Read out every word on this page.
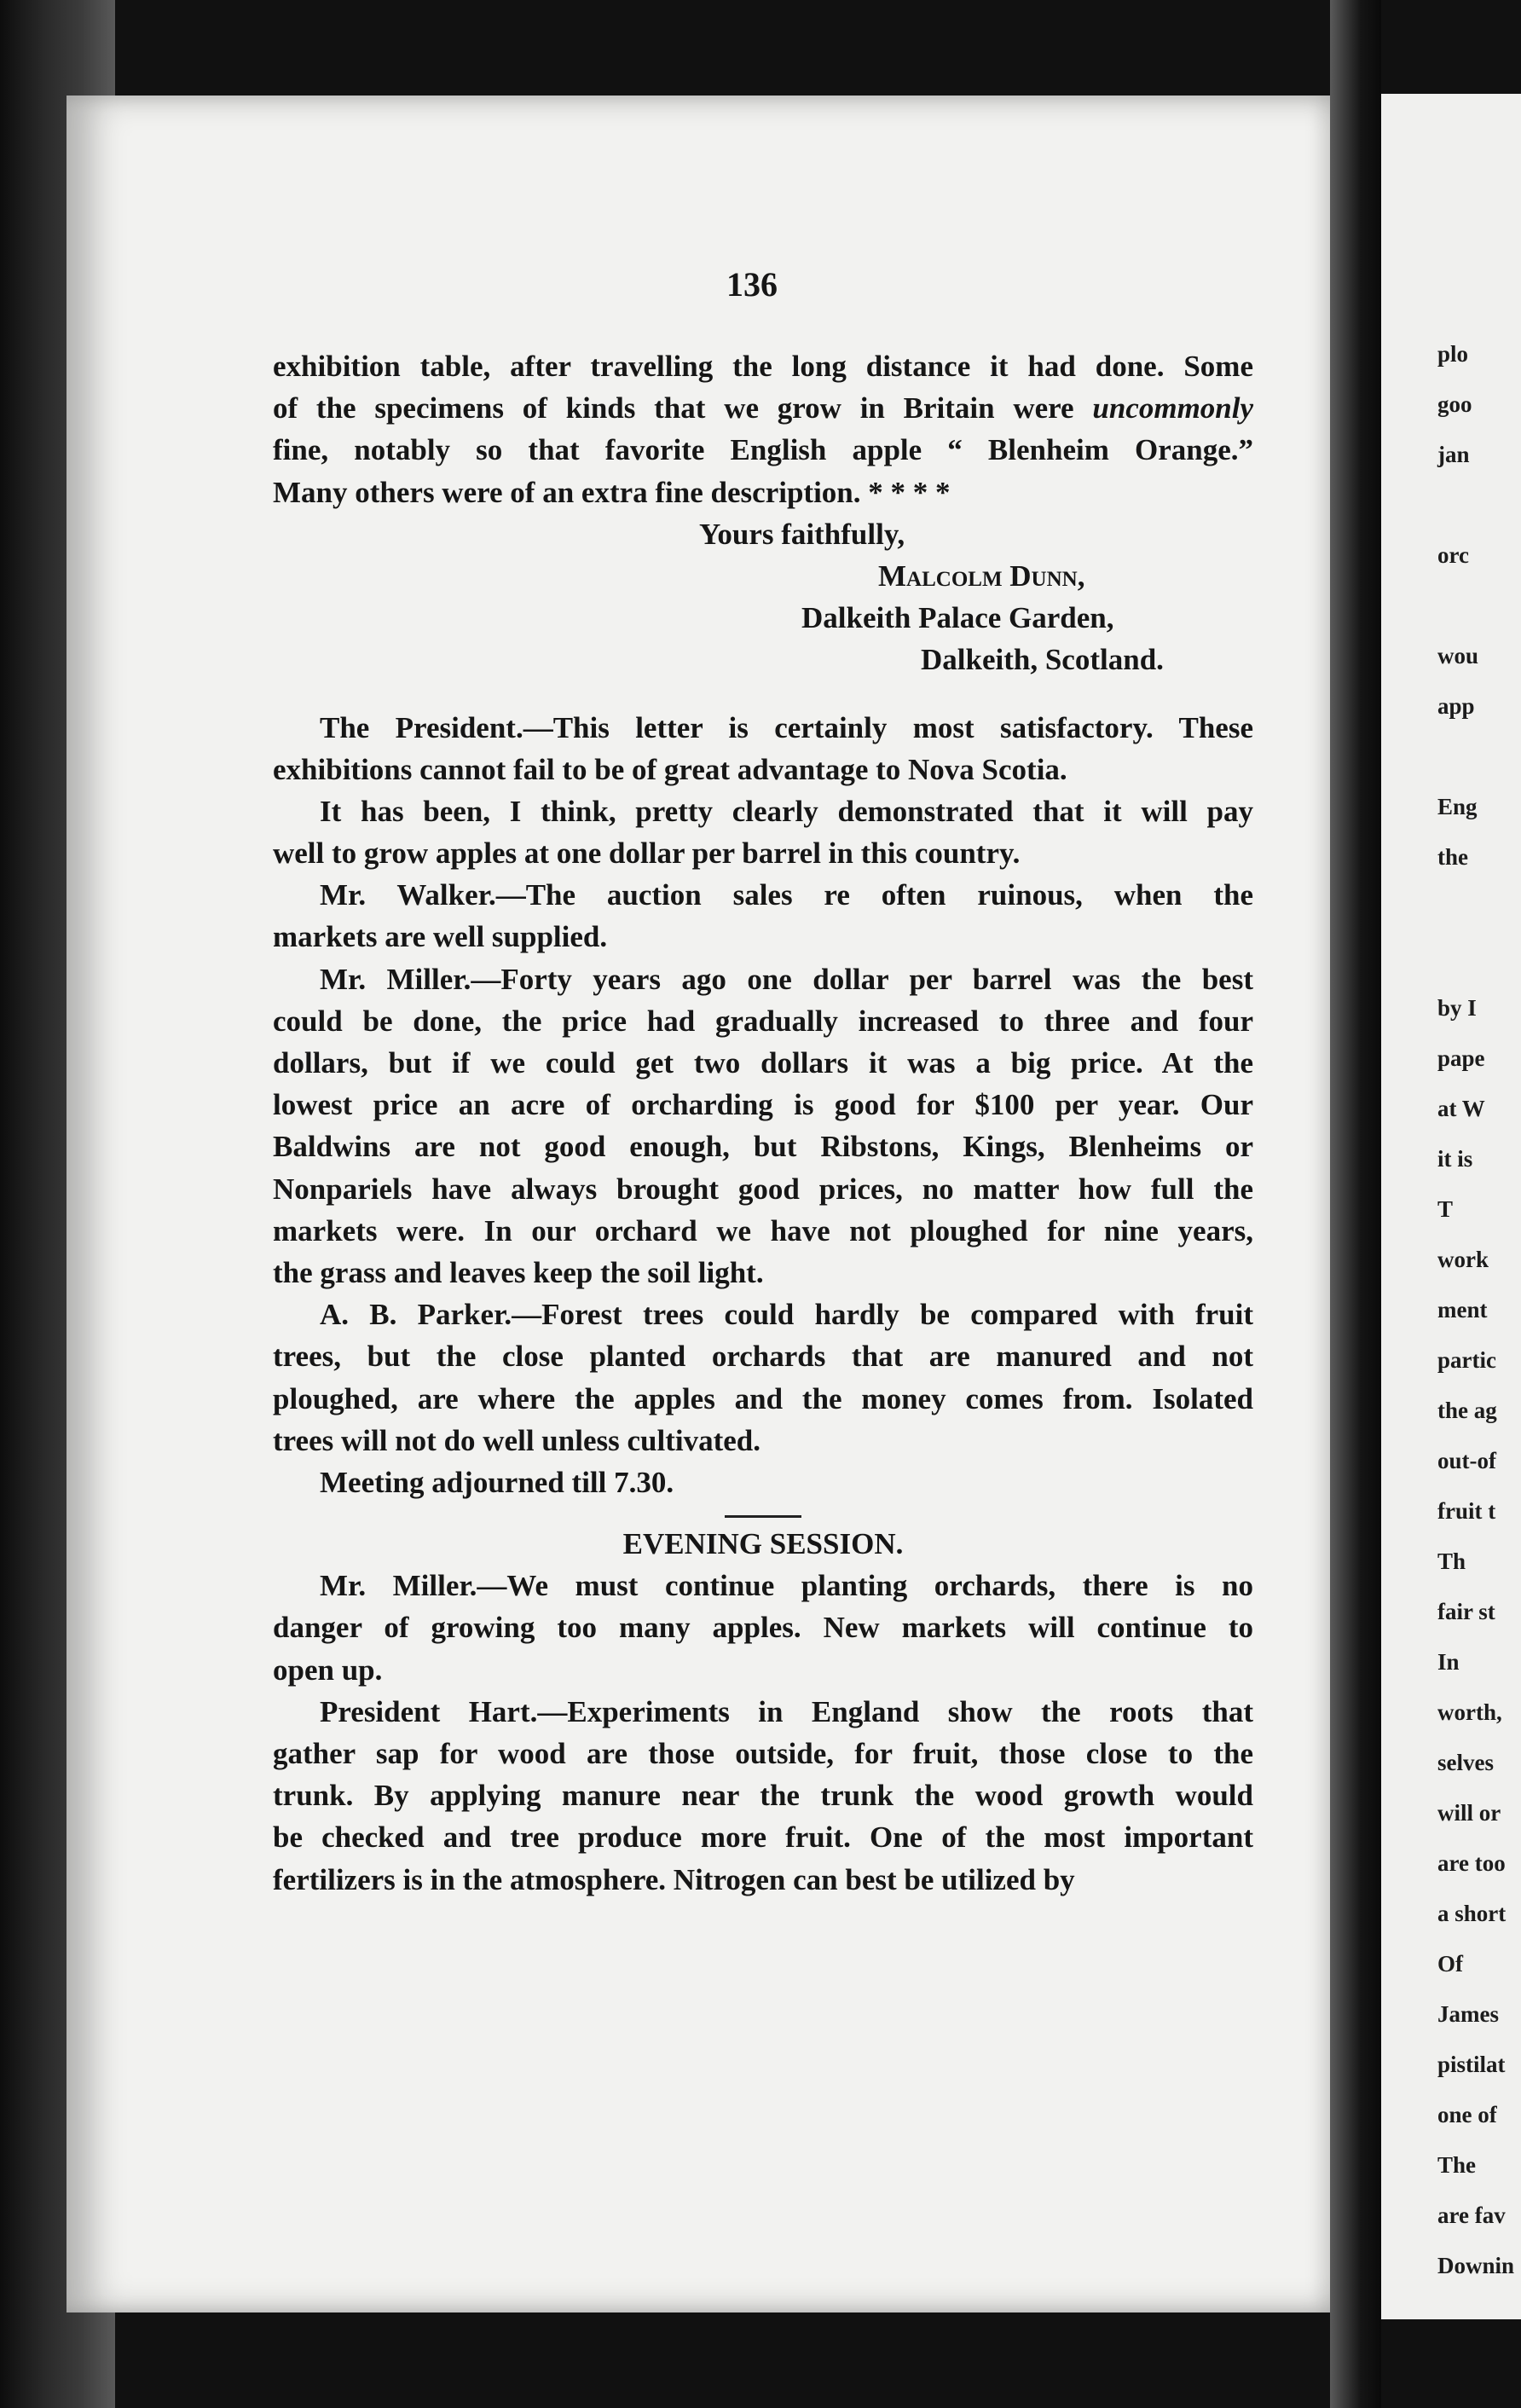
plo
goo
jan
orc
wou
app
Eng
the
by I
pape
at W
it is
T
work
ment
partic
the ag
out-of
fruit t
Th
fair st
In
worth,
selves
will or
are too
a short
Of
James
pistilat
one of
The
are fav
Downin
136
exhibition table, after travelling the long distance it had done. Some
of the specimens of kinds that we grow in Britain were uncommonly
fine, notably so that favorite English apple “ Blenheim Orange.”
Many others were of an extra fine description. * * * *
Yours faithfully,
Malcolm Dunn,
Dalkeith Palace Garden,
Dalkeith, Scotland.
The President.—This letter is certainly most satisfactory. These
exhibitions cannot fail to be of great advantage to Nova Scotia.
It has been, I think, pretty clearly demonstrated that it will pay
well to grow apples at one dollar per barrel in this country.
Mr. Walker.—The auction sales re often ruinous, when the
markets are well supplied.
Mr. Miller.—Forty years ago one dollar per barrel was the best
could be done, the price had gradually increased to three and four
dollars, but if we could get two dollars it was a big price. At the
lowest price an acre of orcharding is good for $100 per year. Our
Baldwins are not good enough, but Ribstons, Kings, Blenheims or
Nonpariels have always brought good prices, no matter how full the
markets were. In our orchard we have not ploughed for nine years,
the grass and leaves keep the soil light.
A. B. Parker.—Forest trees could hardly be compared with fruit
trees, but the close planted orchards that are manured and not
ploughed, are where the apples and the money comes from. Isolated
trees will not do well unless cultivated.
Meeting adjourned till 7.30.
EVENING SESSION.
Mr. Miller.—We must continue planting orchards, there is no
danger of growing too many apples. New markets will continue to
open up.
President Hart.—Experiments in England show the roots that
gather sap for wood are those outside, for fruit, those close to the
trunk. By applying manure near the trunk the wood growth would
be checked and tree produce more fruit. One of the most important
fertilizers is in the atmosphere. Nitrogen can best be utilized by
